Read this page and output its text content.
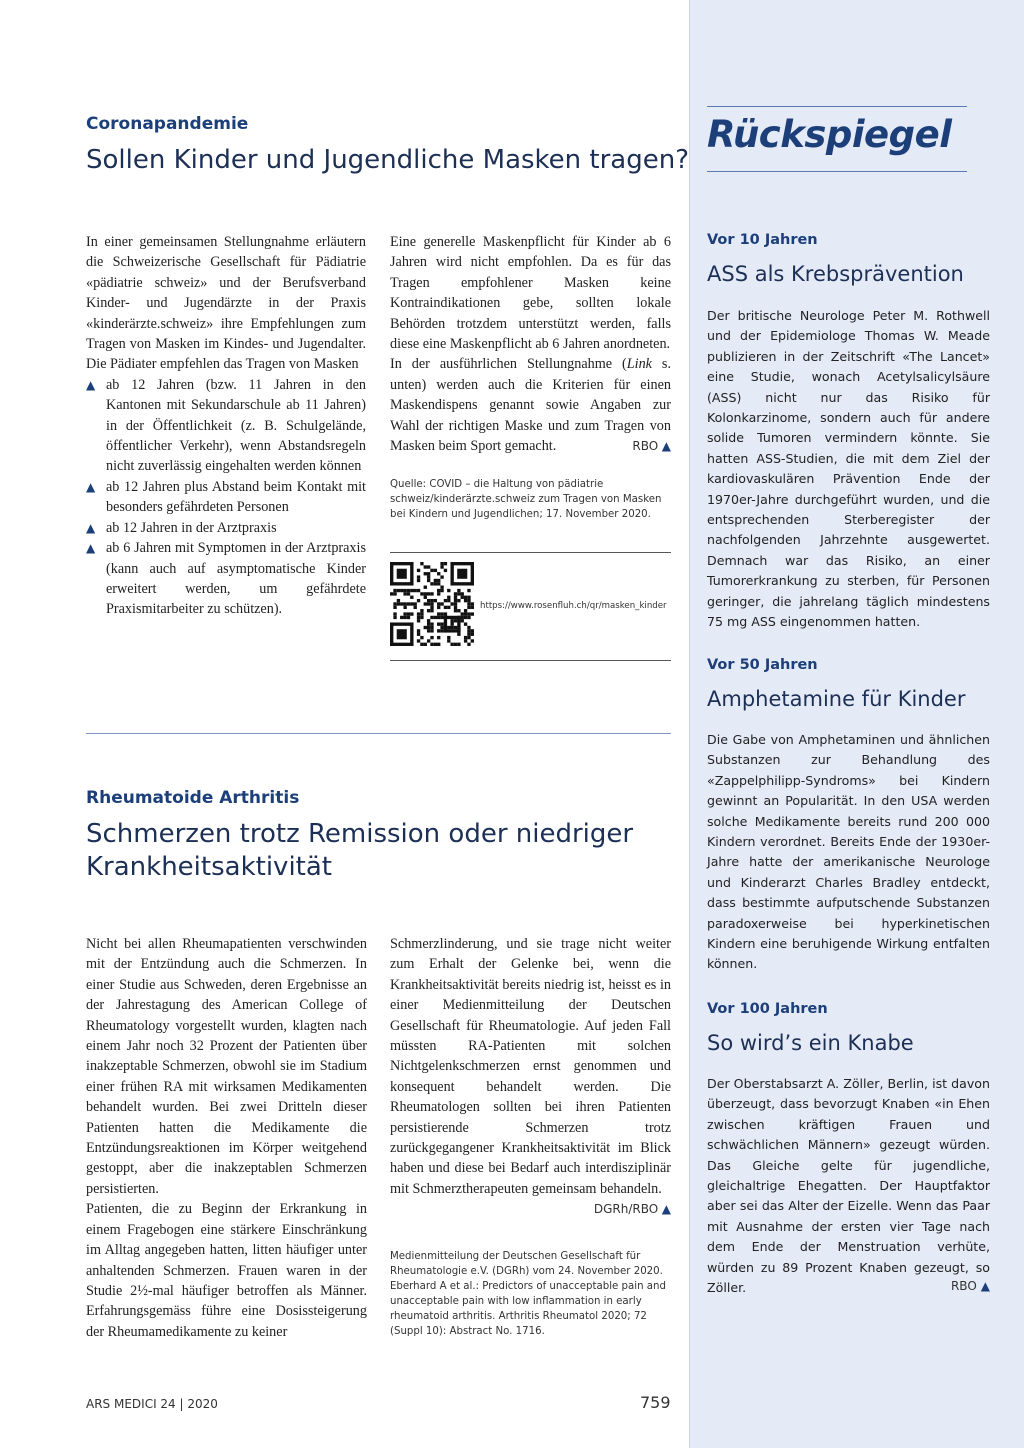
Rückspiegel
Vor 10 Jahren
ASS als Krebsprävention

Der britische Neurologe Peter M. Rothwell und der Epidemiologe Thomas W. Meade publizieren in der Zeitschrift «The Lancet» eine Studie, wonach Acetylsalicylsäure (ASS) nicht nur das Risiko für Kolonkarzinome, sondern auch für andere solide Tumoren vermindern könnte. Sie hatten ASS-Studien, die mit dem Ziel der kardiovaskulären Prävention Ende der 1970er-Jahre durchgeführt wurden, und die entsprechenden Sterberegister der nachfolgenden Jahrzehnte ausgewertet. Demnach war das Risiko, an einer Tumorerkrankung zu sterben, für Personen geringer, die jahrelang täglich mindestens 75 mg ASS eingenommen hatten.

Vor 50 Jahren
Amphetamine für Kinder

Die Gabe von Amphetaminen und ähnlichen Substanzen zur Behandlung des «Zappelphilipp-Syndroms» bei Kindern gewinnt an Popularität. In den USA werden solche Medikamente bereits rund 200 000 Kindern verordnet. Bereits Ende der 1930er-Jahre hatte der amerikanische Neurologe und Kinderarzt Charles Bradley entdeckt, dass bestimmte aufputschende Substanzen paradoxerweise bei hyperkinetischen Kindern eine beruhigende Wirkung entfalten können.

Vor 100 Jahren
So wird’s ein Knabe

Der Oberstabsarzt A. Zöller, Berlin, ist davon überzeugt, dass bevorzugt Knaben «in Ehen zwischen kräftigen Frauen und schwächlichen Männern» gezeugt würden. Das Gleiche gelte für jugendliche, gleichaltrige Ehegatten. Der Hauptfaktor aber sei das Alter der Eizelle. Wenn das Paar mit Ausnahme der ersten vier Tage nach dem Ende der Menstruation verhüte, würden zu 89 Prozent Knaben gezeugt, so Zöller.	RBO ▲
Coronapandemie
Sollen Kinder und Jugendliche Masken tragen?

In einer gemeinsamen Stellungnahme erläutern die Schweizerische Gesellschaft für Pädiatrie «pädiatrie schweiz» und der Berufsverband Kinder- und Jugendärzte in der Praxis «kinderärzte.schweiz» ihre Empfehlungen zum Tragen von Masken im Kindes- und Jugendalter. Die Pädiater empfehlen das Tragen von Masken

▲ ab 12 Jahren (bzw. 11 Jahren in den Kantonen mit Sekundarschule ab 11 Jahren) in der Öffentlichkeit (z. B. Schulgelände, öffentlicher Verkehr), wenn Abstandsregeln nicht zuverlässig eingehalten werden können
▲ ab 12 Jahren plus Abstand beim Kontakt mit besonders gefährdeten Personen
▲ ab 12 Jahren in der Arztpraxis
▲ ab 6 Jahren mit Symptomen in der Arztpraxis (kann auch auf asymptomatische Kinder erweitert werden, um gefährdete Praxismitarbeiter zu schützen).

Eine generelle Maskenpflicht für Kinder ab 6 Jahren wird nicht empfohlen. Da es für das Tragen empfohlener Masken keine Kontraindikationen gebe, sollten lokale Behörden trotzdem unterstützt werden, falls diese eine Maskenpflicht ab 6 Jahren anordneten.

In der ausführlichen Stellungnahme (Link s. unten) werden auch die Kriterien für einen Maskendispens genannt sowie Angaben zur Wahl der richtigen Maske und zum Tragen von Masken beim Sport gemacht.	RBO ▲

Quelle: COVID – die Haltung von pädiatrie schweiz/kinderärzte.schweiz zum Tragen von Masken bei Kindern und Jugendlichen; 17. November 2020.

https://www.rosenfluh.ch/qr/masken_kinder
Rheumatoide Arthritis
Schmerzen trotz Remission oder niedriger
Krankheitsaktivität

Nicht bei allen Rheumapatienten verschwinden mit der Entzündung auch die Schmerzen. In einer Studie aus Schweden, deren Ergebnisse an der Jahrestagung des American College of Rheumatology vorgestellt wurden, klagten nach einem Jahr noch 32 Prozent der Patienten über inakzeptable Schmerzen, obwohl sie im Stadium einer frühen RA mit wirksamen Medikamenten behandelt wurden. Bei zwei Dritteln dieser Patienten hatten die Medikamente die Entzündungsreaktionen im Körper weitgehend gestoppt, aber die inakzeptablen Schmerzen persistierten.

Patienten, die zu Beginn der Erkrankung in einem Fragebogen eine stärkere Einschränkung im Alltag angegeben hatten, litten häufiger unter anhaltenden Schmerzen. Frauen waren in der Studie 2½-mal häufiger betroffen als Männer. Erfahrungsgemäss führe eine Dosissteigerung der Rheumamedikamente zu keiner

Schmerzlinderung, und sie trage nicht weiter zum Erhalt der Gelenke bei, wenn die Krankheitsaktivität bereits niedrig ist, heisst es in einer Medienmitteilung der Deutschen Gesellschaft für Rheumatologie. Auf jeden Fall müssten RA-Patienten mit solchen Nichtgelenkschmerzen ernst genommen und konsequent behandelt werden. Die Rheumatologen sollten bei ihren Patienten persistierende Schmerzen trotz zurückgegangener Krankheitsaktivität im Blick haben und diese bei Bedarf auch interdisziplinär mit Schmerztherapeuten gemeinsam behandeln.
DGRh/RBO ▲

Medienmitteilung der Deutschen Gesellschaft für Rheumatologie e.V. (DGRh) vom 24. November 2020.

Eberhard A et al.: Predictors of unacceptable pain and unacceptable pain with low inflammation in early rheumatoid arthritis. Arthritis Rheumatol 2020; 72 (Suppl 10): Abstract No. 1716.

ARS MEDICI 24 | 2020	759
